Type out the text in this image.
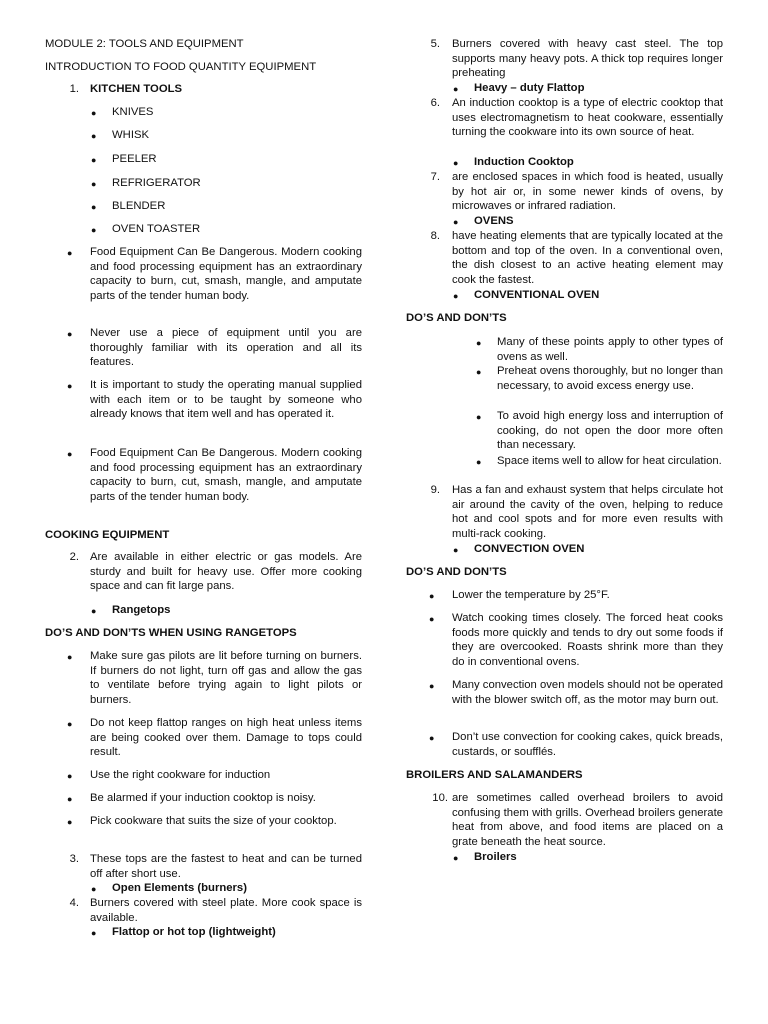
MODULE 2: TOOLS AND EQUIPMENT
INTRODUCTION TO FOOD QUANTITY EQUIPMENT
1. KITCHEN TOOLS
● KNIVES
● WHISK
● PEELER
● REFRIGERATOR
● BLENDER
● OVEN TOASTER
● Food Equipment Can Be Dangerous. Modern cooking and food processing equipment has an extraordinary capacity to burn, cut, smash, mangle, and amputate parts of the tender human body.
● Never use a piece of equipment until you are thoroughly familiar with its operation and all its features.
● It is important to study the operating manual supplied with each item or to be taught by someone who already knows that item well and has operated it.
● Food Equipment Can Be Dangerous. Modern cooking and food processing equipment has an extraordinary capacity to burn, cut, smash, mangle, and amputate parts of the tender human body.
COOKING EQUIPMENT
2. Are available in either electric or gas models. Are sturdy and built for heavy use. Offer more cooking space and can fit large pans.
● Rangetops
DO’S AND DON’TS WHEN USING RANGETOPS
● Make sure gas pilots are lit before turning on burners. If burners do not light, turn off gas and allow the gas to ventilate before trying again to light pilots or burners.
● Do not keep flattop ranges on high heat unless items are being cooked over them. Damage to tops could result.
● Use the right cookware for induction
● Be alarmed if your induction cooktop is noisy.
● Pick cookware that suits the size of your cooktop.
3. These tops are the fastest to heat and can be turned off after short use.
● Open Elements (burners)
4. Burners covered with steel plate. More cook space is available.
● Flattop or hot top (lightweight)
5. Burners covered with heavy cast steel. The top supports many heavy pots. A thick top requires longer preheating
● Heavy – duty Flattop
6. An induction cooktop is a type of electric cooktop that uses electromagnetism to heat cookware, essentially turning the cookware into its own source of heat.
● Induction Cooktop
7. are enclosed spaces in which food is heated, usually by hot air or, in some newer kinds of ovens, by microwaves or infrared radiation.
● OVENS
8. have heating elements that are typically located at the bottom and top of the oven. In a conventional oven, the dish closest to an active heating element may cook the fastest.
● CONVENTIONAL OVEN
DO’S AND DON’TS
● Many of these points apply to other types of ovens as well.
● Preheat ovens thoroughly, but no longer than necessary, to avoid excess energy use.
● To avoid high energy loss and interruption of cooking, do not open the door more often than necessary.
● Space items well to allow for heat circulation.
9. Has a fan and exhaust system that helps circulate hot air around the cavity of the oven, helping to reduce hot and cool spots and for more even results with multi-rack cooking.
● CONVECTION OVEN
DO’S AND DON’TS
● Lower the temperature by 25°F.
● Watch cooking times closely. The forced heat cooks foods more quickly and tends to dry out some foods if they are overcooked. Roasts shrink more than they do in conventional ovens.
● Many convection oven models should not be operated with the blower switch off, as the motor may burn out.
● Don’t use convection for cooking cakes, quick breads, custards, or soufflés.
BROILERS AND SALAMANDERS
10. are sometimes called overhead broilers to avoid confusing them with grills. Overhead broilers generate heat from above, and food items are placed on a grate beneath the heat source.
● Broilers
